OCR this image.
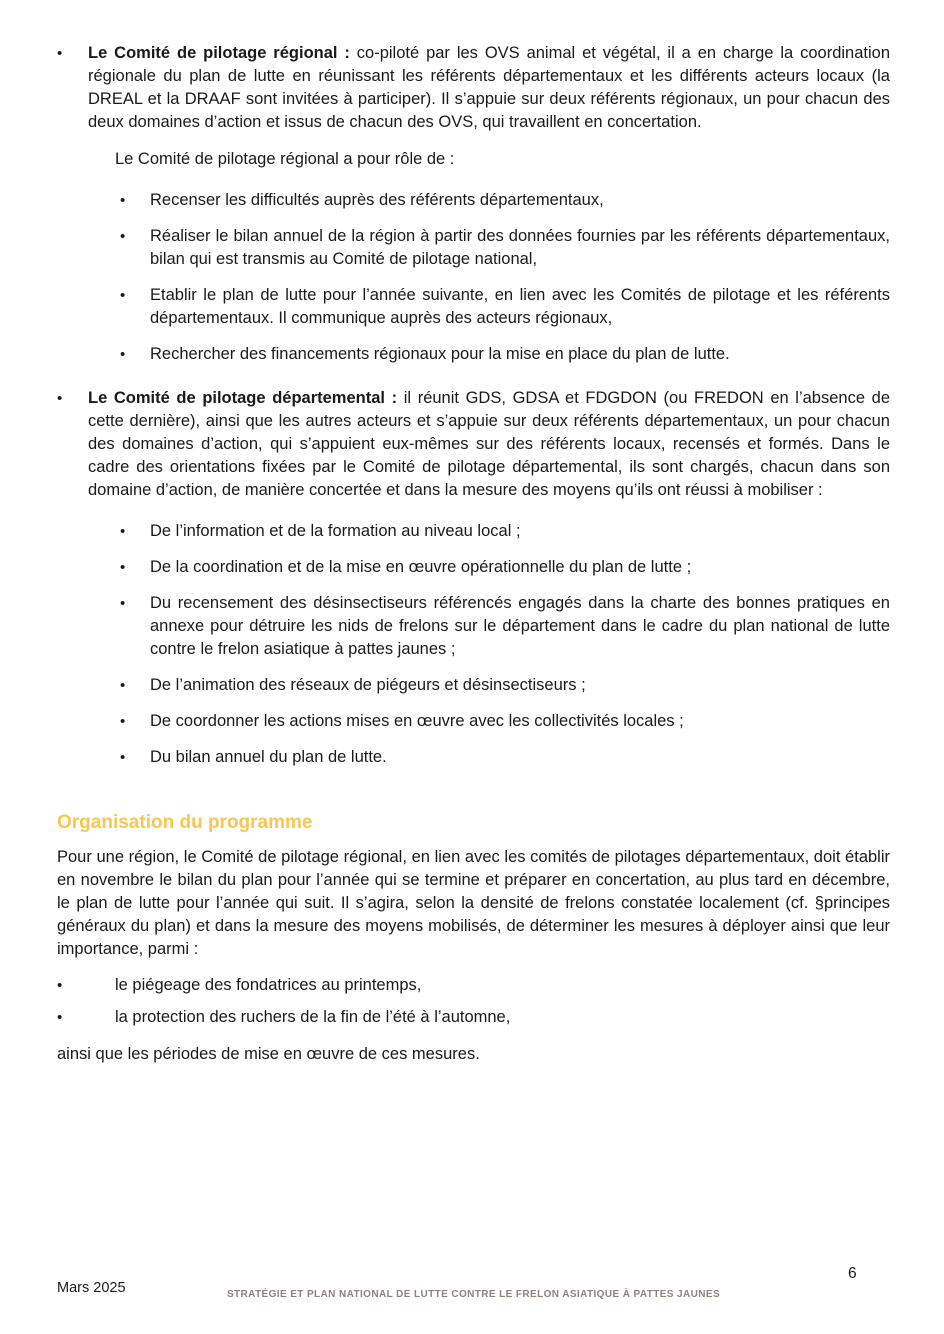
•
Le Comité de pilotage régional : co-piloté par les OVS animal et végétal, il a en charge la coordination régionale du plan de lutte en réunissant les référents départementaux et les différents acteurs locaux (la DREAL et la DRAAF sont invitées à participer). Il s’appuie sur deux référents régionaux, un pour chacun des deux domaines d’action et issus de chacun des OVS, qui travaillent en concertation.
Le Comité de pilotage régional a pour rôle de :
•
Recenser les difficultés auprès des référents départementaux,
•
Réaliser le bilan annuel de la région à partir des données fournies par les référents départementaux, bilan qui est transmis au Comité de pilotage national,
•
Etablir le plan de lutte pour l’année suivante, en lien avec les Comités de pilotage et les référents départementaux. Il communique auprès des acteurs régionaux,
•
Rechercher des financements régionaux pour la mise en place du plan de lutte.
•
Le Comité de pilotage départemental : il réunit GDS, GDSA et FDGDON (ou FREDON en l’absence de cette dernière), ainsi que les autres acteurs et s’appuie sur deux référents départementaux, un pour chacun des domaines d’action, qui s’appuient eux-mêmes sur des référents locaux, recensés et formés. Dans le cadre des orientations fixées par le Comité de pilotage départemental, ils sont chargés, chacun dans son domaine d’action, de manière concertée et dans la mesure des moyens qu’ils ont réussi à mobiliser :
•
De l’information et de la formation au niveau local ;
•
De la coordination et de la mise en œuvre opérationnelle du plan de lutte ;
•
Du recensement des désinsectiseurs référencés engagés dans la charte des bonnes pratiques en annexe pour détruire les nids de frelons sur le département dans le cadre du plan national de lutte contre le frelon asiatique à pattes jaunes ;
•
De l’animation des réseaux de piégeurs et désinsectiseurs ;
•
De coordonner les actions mises en œuvre avec les collectivités locales ;
•
Du bilan annuel du plan de lutte.
Organisation du programme
Pour une région, le Comité de pilotage régional, en lien avec les comités de pilotages départementaux, doit établir en novembre le bilan du plan pour l’année qui se termine et préparer en concertation, au plus tard en décembre, le plan de lutte pour l’année qui suit. Il s’agira, selon la densité de frelons constatée localement (cf. §principes généraux du plan) et dans la mesure des moyens mobilisés, de déterminer les mesures à déployer ainsi que leur importance, parmi :
•
le piégeage des fondatrices au printemps,
•
la protection des ruchers de la fin de l’été à l’automne,
ainsi que les périodes de mise en œuvre de ces mesures.
Mars 2025	STRATÉGIE ET PLAN NATIONAL DE LUTTE CONTRE LE FRELON ASIATIQUE À PATTES JAUNES
6
